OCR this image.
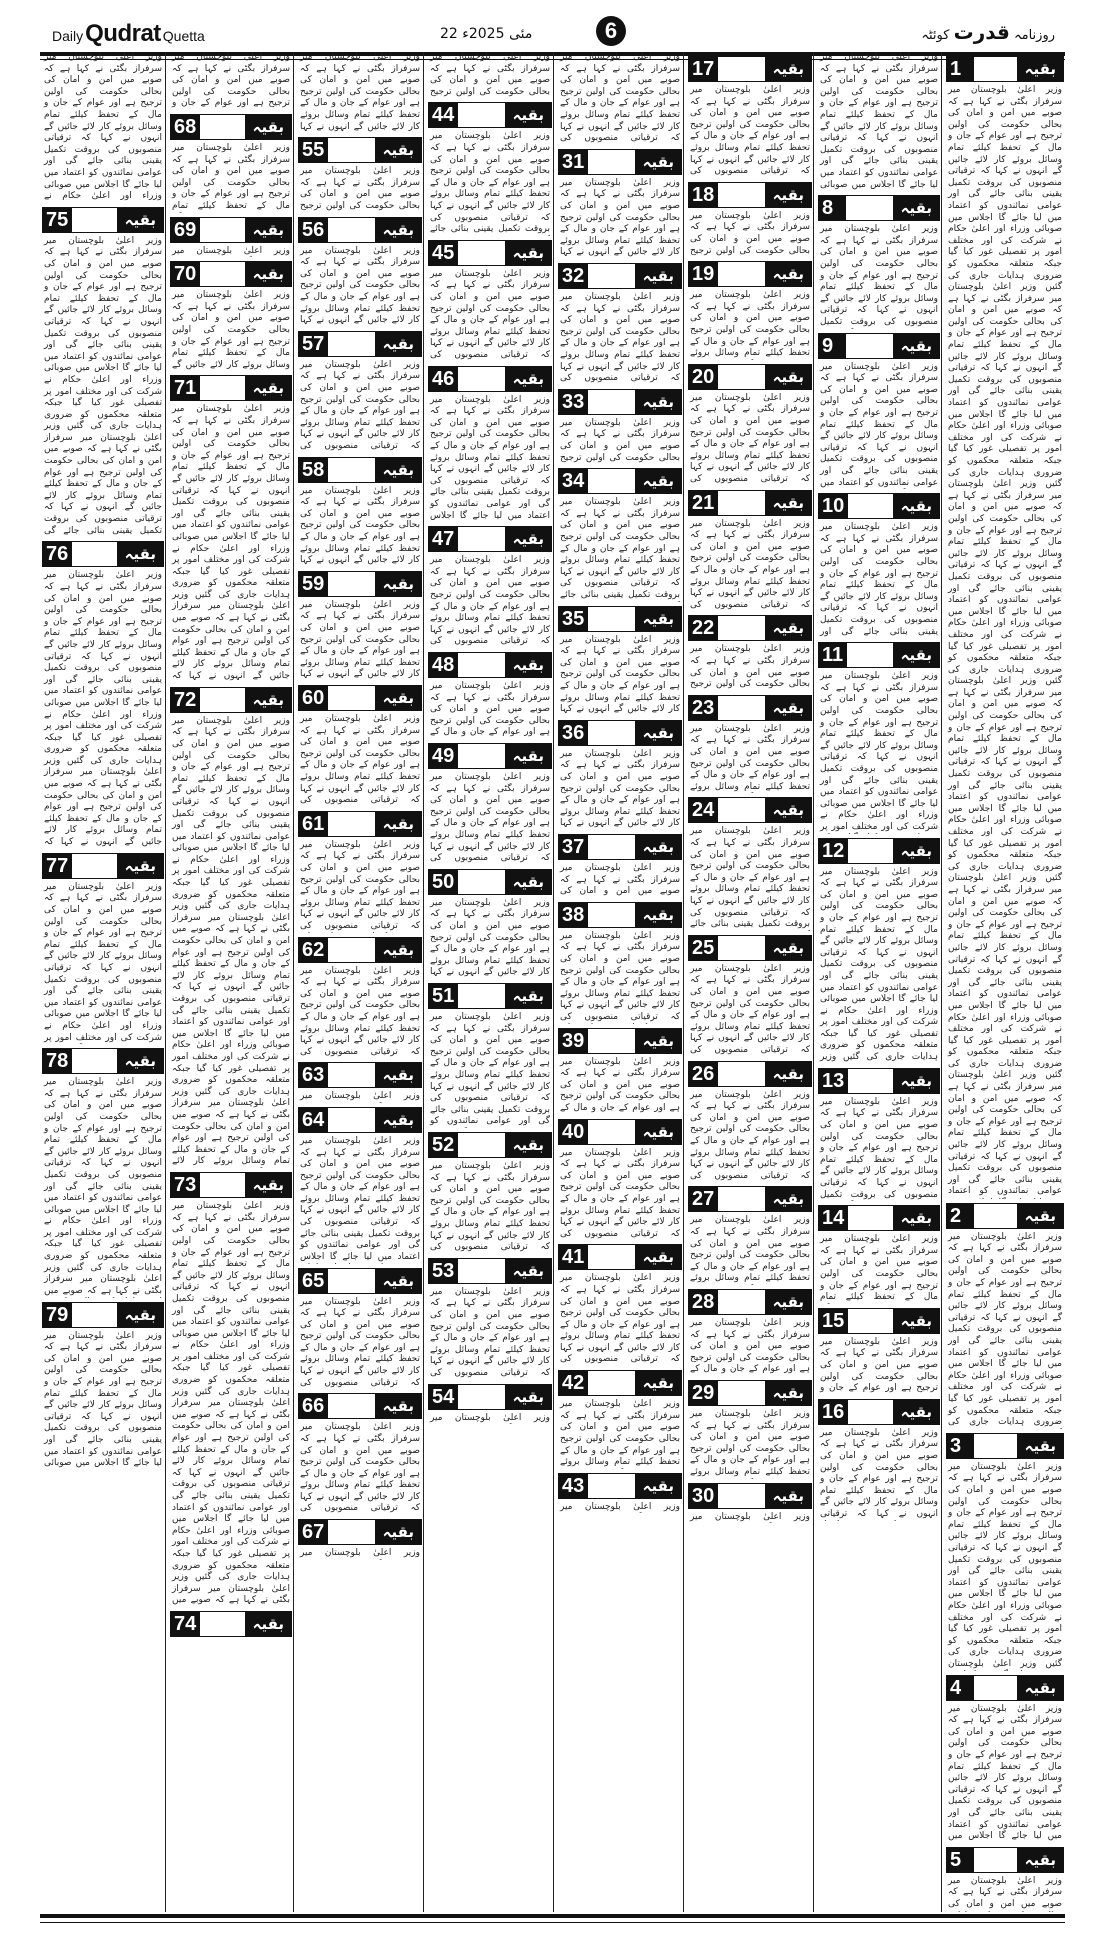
Daily Qudrat Quetta	22 مئی 2025ء	6	روزنامہ قدرت کوئٹہ
1	بقیہ

وزیر اعلیٰ بلوچستان میر سرفراز بگٹی نے کہا ہے کہ صوبے میں امن و امان کی بحالی حکومت کی اولین ترجیح ہے اور عوام کے جان و مال کے تحفظ کیلئے تمام وسائل بروئے کار لائے جائیں گے انہوں نے کہا کہ ترقیاتی منصوبوں کی بروقت تکمیل یقینی بنائی جائے گی اور عوامی نمائندوں کو اعتماد میں لیا جائے گا اجلاس میں صوبائی وزراء اور اعلیٰ حکام نے شرکت کی اور مختلف امور پر تفصیلی غور کیا گیا جبکہ متعلقہ محکموں کو ضروری ہدایات جاری کی گئیں وزیر اعلیٰ بلوچستان میر سرفراز بگٹی نے کہا ہے کہ صوبے میں امن و امان کی بحالی حکومت کی اولین ترجیح ہے اور عوام کے جان و مال کے تحفظ کیلئے تمام وسائل بروئے کار لائے جائیں گے انہوں نے کہا کہ ترقیاتی منصوبوں کی بروقت تکمیل یقینی بنائی جائے گی اور عوامی نمائندوں کو اعتماد میں لیا جائے گا اجلاس میں صوبائی وزراء اور اعلیٰ حکام نے شرکت کی اور مختلف امور پر تفصیلی غور کیا گیا جبکہ متعلقہ محکموں کو ضروری ہدایات جاری کی گئیں وزیر اعلیٰ بلوچستان میر سرفراز بگٹی نے کہا ہے کہ صوبے میں امن و امان کی بحالی حکومت کی اولین ترجیح ہے اور عوام کے جان و مال کے تحفظ کیلئے تمام وسائل بروئے کار لائے جائیں گے انہوں نے کہا کہ ترقیاتی منصوبوں کی بروقت تکمیل یقینی بنائی جائے گی اور عوامی نمائندوں کو اعتماد میں لیا جائے گا اجلاس میں صوبائی وزراء اور اعلیٰ حکام نے شرکت کی اور مختلف امور پر تفصیلی غور کیا گیا جبکہ متعلقہ محکموں کو ضروری ہدایات جاری کی گئیں وزیر اعلیٰ بلوچستان میر سرفراز بگٹی نے کہا ہے کہ صوبے میں امن و امان کی بحالی حکومت کی اولین ترجیح ہے اور عوام کے جان و مال کے تحفظ کیلئے تمام وسائل بروئے کار لائے جائیں گے انہوں نے کہا کہ ترقیاتی منصوبوں کی بروقت تکمیل یقینی بنائی جائے گی اور عوامی نمائندوں کو اعتماد میں لیا جائے گا اجلاس میں صوبائی وزراء اور اعلیٰ حکام نے شرکت کی اور مختلف امور پر تفصیلی غور کیا گیا جبکہ متعلقہ محکموں کو ضروری ہدایات جاری کی گئیں وزیر اعلیٰ بلوچستان میر سرفراز بگٹی نے کہا ہے کہ صوبے میں امن و امان کی بحالی حکومت کی اولین ترجیح ہے اور عوام کے جان و مال کے تحفظ کیلئے تمام وسائل بروئے کار لائے جائیں گے انہوں نے کہا کہ ترقیاتی منصوبوں کی بروقت تکمیل یقینی بنائی جائے گی اور عوامی نمائندوں کو اعتماد میں لیا جائے گا اجلاس میں صوبائی وزراء اور اعلیٰ حکام نے شرکت کی اور مختلف امور پر تفصیلی غور کیا گیا جبکہ متعلقہ محکموں کو ضروری ہدایات جاری کی گئیں وزیر اعلیٰ بلوچستان میر سرفراز بگٹی نے کہا ہے کہ صوبے میں امن و امان کی بحالی حکومت کی اولین ترجیح ہے اور عوام کے جان و مال کے تحفظ کیلئے تمام وسائل بروئے کار لائے جائیں گے انہوں نے کہا کہ ترقیاتی منصوبوں کی بروقت تکمیل یقینی بنائی جائے گی اور عوامی نمائندوں کو اعتماد

2	بقیہ

وزیر اعلیٰ بلوچستان میر سرفراز بگٹی نے کہا ہے کہ صوبے میں امن و امان کی بحالی حکومت کی اولین ترجیح ہے اور عوام کے جان و مال کے تحفظ کیلئے تمام وسائل بروئے کار لائے جائیں گے انہوں نے کہا کہ ترقیاتی منصوبوں کی بروقت تکمیل یقینی بنائی جائے گی اور عوامی نمائندوں کو اعتماد میں لیا جائے گا اجلاس میں صوبائی وزراء اور اعلیٰ حکام نے شرکت کی اور مختلف امور پر تفصیلی غور کیا گیا جبکہ متعلقہ محکموں کو ضروری ہدایات جاری کی

3	بقیہ

وزیر اعلیٰ بلوچستان میر سرفراز بگٹی نے کہا ہے کہ صوبے میں امن و امان کی بحالی حکومت کی اولین ترجیح ہے اور عوام کے جان و مال کے تحفظ کیلئے تمام وسائل بروئے کار لائے جائیں گے انہوں نے کہا کہ ترقیاتی منصوبوں کی بروقت تکمیل یقینی بنائی جائے گی اور عوامی نمائندوں کو اعتماد میں لیا جائے گا اجلاس میں صوبائی وزراء اور اعلیٰ حکام نے شرکت کی اور مختلف امور پر تفصیلی غور کیا گیا جبکہ متعلقہ محکموں کو ضروری ہدایات جاری کی گئیں وزیر اعلیٰ بلوچستان

4	بقیہ

وزیر اعلیٰ بلوچستان میر سرفراز بگٹی نے کہا ہے کہ صوبے میں امن و امان کی بحالی حکومت کی اولین ترجیح ہے اور عوام کے جان و مال کے تحفظ کیلئے تمام وسائل بروئے کار لائے جائیں گے انہوں نے کہا کہ ترقیاتی منصوبوں کی بروقت تکمیل یقینی بنائی جائے گی اور عوامی نمائندوں کو اعتماد میں لیا جائے گا اجلاس میں

5	بقیہ

وزیر اعلیٰ بلوچستان میر سرفراز بگٹی نے کہا ہے کہ صوبے میں امن و امان کی

وزیر اعلیٰ بلوچستان میر سرفراز بگٹی نے کہا ہے کہ صوبے میں امن و امان کی بحالی حکومت کی اولین ترجیح ہے اور عوام کے جان و مال کے تحفظ کیلئے تمام وسائل بروئے کار لائے جائیں گے انہوں نے کہا کہ ترقیاتی منصوبوں کی بروقت تکمیل یقینی بنائی جائے گی اور عوامی نمائندوں کو اعتماد میں لیا جائے گا اجلاس میں صوبائی

8	بقیہ

وزیر اعلیٰ بلوچستان میر سرفراز بگٹی نے کہا ہے کہ صوبے میں امن و امان کی بحالی حکومت کی اولین ترجیح ہے اور عوام کے جان و مال کے تحفظ کیلئے تمام وسائل بروئے کار لائے جائیں گے انہوں نے کہا کہ ترقیاتی منصوبوں کی بروقت تکمیل

9	بقیہ

وزیر اعلیٰ بلوچستان میر سرفراز بگٹی نے کہا ہے کہ صوبے میں امن و امان کی بحالی حکومت کی اولین ترجیح ہے اور عوام کے جان و مال کے تحفظ کیلئے تمام وسائل بروئے کار لائے جائیں گے انہوں نے کہا کہ ترقیاتی منصوبوں کی بروقت تکمیل یقینی بنائی جائے گی اور عوامی نمائندوں کو اعتماد میں

10	بقیہ

وزیر اعلیٰ بلوچستان میر سرفراز بگٹی نے کہا ہے کہ صوبے میں امن و امان کی بحالی حکومت کی اولین ترجیح ہے اور عوام کے جان و مال کے تحفظ کیلئے تمام وسائل بروئے کار لائے جائیں گے انہوں نے کہا کہ ترقیاتی منصوبوں کی بروقت تکمیل یقینی بنائی جائے گی اور

11	بقیہ

وزیر اعلیٰ بلوچستان میر سرفراز بگٹی نے کہا ہے کہ صوبے میں امن و امان کی بحالی حکومت کی اولین ترجیح ہے اور عوام کے جان و مال کے تحفظ کیلئے تمام وسائل بروئے کار لائے جائیں گے انہوں نے کہا کہ ترقیاتی منصوبوں کی بروقت تکمیل یقینی بنائی جائے گی اور عوامی نمائندوں کو اعتماد میں لیا جائے گا اجلاس میں صوبائی وزراء اور اعلیٰ حکام نے شرکت کی اور مختلف امور پر

12	بقیہ

وزیر اعلیٰ بلوچستان میر سرفراز بگٹی نے کہا ہے کہ صوبے میں امن و امان کی بحالی حکومت کی اولین ترجیح ہے اور عوام کے جان و مال کے تحفظ کیلئے تمام وسائل بروئے کار لائے جائیں گے انہوں نے کہا کہ ترقیاتی منصوبوں کی بروقت تکمیل یقینی بنائی جائے گی اور عوامی نمائندوں کو اعتماد میں لیا جائے گا اجلاس میں صوبائی وزراء اور اعلیٰ حکام نے شرکت کی اور مختلف امور پر تفصیلی غور کیا گیا جبکہ متعلقہ محکموں کو ضروری ہدایات جاری کی گئیں وزیر

13	بقیہ

وزیر اعلیٰ بلوچستان میر سرفراز بگٹی نے کہا ہے کہ صوبے میں امن و امان کی بحالی حکومت کی اولین ترجیح ہے اور عوام کے جان و مال کے تحفظ کیلئے تمام وسائل بروئے کار لائے جائیں گے انہوں نے کہا کہ ترقیاتی منصوبوں کی بروقت تکمیل

14	بقیہ

وزیر اعلیٰ بلوچستان میر سرفراز بگٹی نے کہا ہے کہ صوبے میں امن و امان کی بحالی حکومت کی اولین ترجیح ہے اور عوام کے جان و مال کے تحفظ کیلئے تمام

15	بقیہ

وزیر اعلیٰ بلوچستان میر سرفراز بگٹی نے کہا ہے کہ صوبے میں امن و امان کی بحالی حکومت کی اولین ترجیح ہے اور عوام کے جان و

16	بقیہ

وزیر اعلیٰ بلوچستان میر سرفراز بگٹی نے کہا ہے کہ صوبے میں امن و امان کی بحالی حکومت کی اولین ترجیح ہے اور عوام کے جان و مال کے تحفظ کیلئے تمام وسائل بروئے کار لائے جائیں گے انہوں نے کہا کہ ترقیاتی

17	بقیہ

وزیر اعلیٰ بلوچستان میر سرفراز بگٹی نے کہا ہے کہ صوبے میں امن و امان کی بحالی حکومت کی اولین ترجیح ہے اور عوام کے جان و مال کے تحفظ کیلئے تمام وسائل بروئے کار لائے جائیں گے انہوں نے کہا کہ ترقیاتی منصوبوں کی

18	بقیہ

وزیر اعلیٰ بلوچستان میر سرفراز بگٹی نے کہا ہے کہ صوبے میں امن و امان کی بحالی حکومت کی اولین ترجیح

19	بقیہ

وزیر اعلیٰ بلوچستان میر سرفراز بگٹی نے کہا ہے کہ صوبے میں امن و امان کی بحالی حکومت کی اولین ترجیح ہے اور عوام کے جان و مال کے تحفظ کیلئے تمام وسائل بروئے

20	بقیہ

وزیر اعلیٰ بلوچستان میر سرفراز بگٹی نے کہا ہے کہ صوبے میں امن و امان کی بحالی حکومت کی اولین ترجیح ہے اور عوام کے جان و مال کے تحفظ کیلئے تمام وسائل بروئے کار لائے جائیں گے انہوں نے کہا کہ ترقیاتی منصوبوں کی

21	بقیہ

وزیر اعلیٰ بلوچستان میر سرفراز بگٹی نے کہا ہے کہ صوبے میں امن و امان کی بحالی حکومت کی اولین ترجیح ہے اور عوام کے جان و مال کے تحفظ کیلئے تمام وسائل بروئے کار لائے جائیں گے انہوں نے کہا کہ ترقیاتی منصوبوں کی

22	بقیہ

وزیر اعلیٰ بلوچستان میر سرفراز بگٹی نے کہا ہے کہ صوبے میں امن و امان کی بحالی حکومت کی اولین ترجیح

23	بقیہ

وزیر اعلیٰ بلوچستان میر سرفراز بگٹی نے کہا ہے کہ صوبے میں امن و امان کی بحالی حکومت کی اولین ترجیح ہے اور عوام کے جان و مال کے تحفظ کیلئے تمام وسائل بروئے

24	بقیہ

وزیر اعلیٰ بلوچستان میر سرفراز بگٹی نے کہا ہے کہ صوبے میں امن و امان کی بحالی حکومت کی اولین ترجیح ہے اور عوام کے جان و مال کے تحفظ کیلئے تمام وسائل بروئے کار لائے جائیں گے انہوں نے کہا کہ ترقیاتی منصوبوں کی بروقت تکمیل یقینی بنائی جائے

25	بقیہ

وزیر اعلیٰ بلوچستان میر سرفراز بگٹی نے کہا ہے کہ صوبے میں امن و امان کی بحالی حکومت کی اولین ترجیح ہے اور عوام کے جان و مال کے تحفظ کیلئے تمام وسائل بروئے کار لائے جائیں گے انہوں نے کہا کہ ترقیاتی منصوبوں کی

26	بقیہ

وزیر اعلیٰ بلوچستان میر سرفراز بگٹی نے کہا ہے کہ صوبے میں امن و امان کی بحالی حکومت کی اولین ترجیح ہے اور عوام کے جان و مال کے تحفظ کیلئے تمام وسائل بروئے کار لائے جائیں گے انہوں نے کہا کہ ترقیاتی منصوبوں کی

27	بقیہ

وزیر اعلیٰ بلوچستان میر سرفراز بگٹی نے کہا ہے کہ صوبے میں امن و امان کی بحالی حکومت کی اولین ترجیح ہے اور عوام کے جان و مال کے تحفظ کیلئے تمام وسائل بروئے

28	بقیہ

وزیر اعلیٰ بلوچستان میر سرفراز بگٹی نے کہا ہے کہ صوبے میں امن و امان کی بحالی حکومت کی اولین ترجیح ہے اور عوام کے جان و مال کے

29	بقیہ

وزیر اعلیٰ بلوچستان میر سرفراز بگٹی نے کہا ہے کہ صوبے میں امن و امان کی بحالی حکومت کی اولین ترجیح ہے اور عوام کے جان و مال کے تحفظ کیلئے تمام وسائل بروئے

30	بقیہ

وزیر اعلیٰ بلوچستان میر

وزیر اعلیٰ بلوچستان میر سرفراز بگٹی نے کہا ہے کہ صوبے میں امن و امان کی بحالی حکومت کی اولین ترجیح ہے اور عوام کے جان و مال کے تحفظ کیلئے تمام وسائل بروئے کار لائے جائیں گے انہوں نے کہا کہ ترقیاتی منصوبوں کی

31	بقیہ

وزیر اعلیٰ بلوچستان میر سرفراز بگٹی نے کہا ہے کہ صوبے میں امن و امان کی بحالی حکومت کی اولین ترجیح ہے اور عوام کے جان و مال کے تحفظ کیلئے تمام وسائل بروئے کار لائے جائیں گے انہوں نے کہا

32	بقیہ

وزیر اعلیٰ بلوچستان میر سرفراز بگٹی نے کہا ہے کہ صوبے میں امن و امان کی بحالی حکومت کی اولین ترجیح ہے اور عوام کے جان و مال کے تحفظ کیلئے تمام وسائل بروئے کار لائے جائیں گے انہوں نے کہا کہ ترقیاتی منصوبوں کی

33	بقیہ

وزیر اعلیٰ بلوچستان میر سرفراز بگٹی نے کہا ہے کہ صوبے میں امن و امان کی بحالی حکومت کی اولین ترجیح

34	بقیہ

وزیر اعلیٰ بلوچستان میر سرفراز بگٹی نے کہا ہے کہ صوبے میں امن و امان کی بحالی حکومت کی اولین ترجیح ہے اور عوام کے جان و مال کے تحفظ کیلئے تمام وسائل بروئے کار لائے جائیں گے انہوں نے کہا کہ ترقیاتی منصوبوں کی بروقت تکمیل یقینی بنائی جائے

35	بقیہ

وزیر اعلیٰ بلوچستان میر سرفراز بگٹی نے کہا ہے کہ صوبے میں امن و امان کی بحالی حکومت کی اولین ترجیح ہے اور عوام کے جان و مال کے تحفظ کیلئے تمام وسائل بروئے کار لائے جائیں گے انہوں نے کہا

36	بقیہ

وزیر اعلیٰ بلوچستان میر سرفراز بگٹی نے کہا ہے کہ صوبے میں امن و امان کی بحالی حکومت کی اولین ترجیح ہے اور عوام کے جان و مال کے تحفظ کیلئے تمام وسائل بروئے کار لائے جائیں گے انہوں نے کہا

37	بقیہ

وزیر اعلیٰ بلوچستان میر سرفراز بگٹی نے کہا ہے کہ صوبے میں امن و امان کی

38	بقیہ

وزیر اعلیٰ بلوچستان میر سرفراز بگٹی نے کہا ہے کہ صوبے میں امن و امان کی بحالی حکومت کی اولین ترجیح ہے اور عوام کے جان و مال کے تحفظ کیلئے تمام وسائل بروئے کار لائے جائیں گے انہوں نے کہا کہ ترقیاتی منصوبوں کی

39	بقیہ

وزیر اعلیٰ بلوچستان میر سرفراز بگٹی نے کہا ہے کہ صوبے میں امن و امان کی بحالی حکومت کی اولین ترجیح ہے اور عوام کے جان و مال کے

40	بقیہ

وزیر اعلیٰ بلوچستان میر سرفراز بگٹی نے کہا ہے کہ صوبے میں امن و امان کی بحالی حکومت کی اولین ترجیح ہے اور عوام کے جان و مال کے تحفظ کیلئے تمام وسائل بروئے کار لائے جائیں گے انہوں نے کہا کہ ترقیاتی منصوبوں کی

41	بقیہ

وزیر اعلیٰ بلوچستان میر سرفراز بگٹی نے کہا ہے کہ صوبے میں امن و امان کی بحالی حکومت کی اولین ترجیح ہے اور عوام کے جان و مال کے تحفظ کیلئے تمام وسائل بروئے کار لائے جائیں گے انہوں نے کہا کہ ترقیاتی منصوبوں کی

42	بقیہ

وزیر اعلیٰ بلوچستان میر سرفراز بگٹی نے کہا ہے کہ صوبے میں امن و امان کی بحالی حکومت کی اولین ترجیح ہے اور عوام کے جان و مال کے تحفظ کیلئے تمام وسائل بروئے

43	بقیہ

وزیر اعلیٰ بلوچستان میر

وزیر اعلیٰ بلوچستان میر سرفراز بگٹی نے کہا ہے کہ صوبے میں امن و امان کی بحالی حکومت کی اولین ترجیح

44	بقیہ

وزیر اعلیٰ بلوچستان میر سرفراز بگٹی نے کہا ہے کہ صوبے میں امن و امان کی بحالی حکومت کی اولین ترجیح ہے اور عوام کے جان و مال کے تحفظ کیلئے تمام وسائل بروئے کار لائے جائیں گے انہوں نے کہا کہ ترقیاتی منصوبوں کی بروقت تکمیل یقینی بنائی جائے

45	بقیہ

وزیر اعلیٰ بلوچستان میر سرفراز بگٹی نے کہا ہے کہ صوبے میں امن و امان کی بحالی حکومت کی اولین ترجیح ہے اور عوام کے جان و مال کے تحفظ کیلئے تمام وسائل بروئے کار لائے جائیں گے انہوں نے کہا کہ ترقیاتی منصوبوں کی

46	بقیہ

وزیر اعلیٰ بلوچستان میر سرفراز بگٹی نے کہا ہے کہ صوبے میں امن و امان کی بحالی حکومت کی اولین ترجیح ہے اور عوام کے جان و مال کے تحفظ کیلئے تمام وسائل بروئے کار لائے جائیں گے انہوں نے کہا کہ ترقیاتی منصوبوں کی بروقت تکمیل یقینی بنائی جائے گی اور عوامی نمائندوں کو اعتماد میں لیا جائے گا اجلاس

47	بقیہ

وزیر اعلیٰ بلوچستان میر سرفراز بگٹی نے کہا ہے کہ صوبے میں امن و امان کی بحالی حکومت کی اولین ترجیح ہے اور عوام کے جان و مال کے تحفظ کیلئے تمام وسائل بروئے کار لائے جائیں گے انہوں نے کہا کہ ترقیاتی منصوبوں کی

48	بقیہ

وزیر اعلیٰ بلوچستان میر سرفراز بگٹی نے کہا ہے کہ صوبے میں امن و امان کی بحالی حکومت کی اولین ترجیح ہے اور عوام کے جان و مال کے

49	بقیہ

وزیر اعلیٰ بلوچستان میر سرفراز بگٹی نے کہا ہے کہ صوبے میں امن و امان کی بحالی حکومت کی اولین ترجیح ہے اور عوام کے جان و مال کے تحفظ کیلئے تمام وسائل بروئے کار لائے جائیں گے انہوں نے کہا کہ ترقیاتی منصوبوں کی

50	بقیہ

وزیر اعلیٰ بلوچستان میر سرفراز بگٹی نے کہا ہے کہ صوبے میں امن و امان کی بحالی حکومت کی اولین ترجیح ہے اور عوام کے جان و مال کے تحفظ کیلئے تمام وسائل بروئے کار لائے جائیں گے انہوں نے کہا

51	بقیہ

وزیر اعلیٰ بلوچستان میر سرفراز بگٹی نے کہا ہے کہ صوبے میں امن و امان کی بحالی حکومت کی اولین ترجیح ہے اور عوام کے جان و مال کے تحفظ کیلئے تمام وسائل بروئے کار لائے جائیں گے انہوں نے کہا کہ ترقیاتی منصوبوں کی بروقت تکمیل یقینی بنائی جائے گی اور عوامی نمائندوں کو

52	بقیہ

وزیر اعلیٰ بلوچستان میر سرفراز بگٹی نے کہا ہے کہ صوبے میں امن و امان کی بحالی حکومت کی اولین ترجیح ہے اور عوام کے جان و مال کے تحفظ کیلئے تمام وسائل بروئے کار لائے جائیں گے انہوں نے کہا کہ ترقیاتی منصوبوں کی

53	بقیہ

وزیر اعلیٰ بلوچستان میر سرفراز بگٹی نے کہا ہے کہ صوبے میں امن و امان کی بحالی حکومت کی اولین ترجیح ہے اور عوام کے جان و مال کے تحفظ کیلئے تمام وسائل بروئے کار لائے جائیں گے انہوں نے کہا کہ ترقیاتی منصوبوں کی

54	بقیہ

وزیر اعلیٰ بلوچستان میر

وزیر اعلیٰ بلوچستان میر سرفراز بگٹی نے کہا ہے کہ صوبے میں امن و امان کی بحالی حکومت کی اولین ترجیح ہے اور عوام کے جان و مال کے تحفظ کیلئے تمام وسائل بروئے کار لائے جائیں گے انہوں نے کہا

55	بقیہ

وزیر اعلیٰ بلوچستان میر سرفراز بگٹی نے کہا ہے کہ صوبے میں امن و امان کی بحالی حکومت کی اولین ترجیح

56	بقیہ

وزیر اعلیٰ بلوچستان میر سرفراز بگٹی نے کہا ہے کہ صوبے میں امن و امان کی بحالی حکومت کی اولین ترجیح ہے اور عوام کے جان و مال کے تحفظ کیلئے تمام وسائل بروئے کار لائے جائیں گے انہوں نے کہا

57	بقیہ

وزیر اعلیٰ بلوچستان میر سرفراز بگٹی نے کہا ہے کہ صوبے میں امن و امان کی بحالی حکومت کی اولین ترجیح ہے اور عوام کے جان و مال کے تحفظ کیلئے تمام وسائل بروئے کار لائے جائیں گے انہوں نے کہا کہ ترقیاتی منصوبوں کی

58	بقیہ

وزیر اعلیٰ بلوچستان میر سرفراز بگٹی نے کہا ہے کہ صوبے میں امن و امان کی بحالی حکومت کی اولین ترجیح ہے اور عوام کے جان و مال کے تحفظ کیلئے تمام وسائل بروئے کار لائے جائیں گے انہوں نے کہا

59	بقیہ

وزیر اعلیٰ بلوچستان میر سرفراز بگٹی نے کہا ہے کہ صوبے میں امن و امان کی بحالی حکومت کی اولین ترجیح ہے اور عوام کے جان و مال کے تحفظ کیلئے تمام وسائل بروئے کار لائے جائیں گے انہوں نے کہا

60	بقیہ

وزیر اعلیٰ بلوچستان میر سرفراز بگٹی نے کہا ہے کہ صوبے میں امن و امان کی بحالی حکومت کی اولین ترجیح ہے اور عوام کے جان و مال کے تحفظ کیلئے تمام وسائل بروئے کار لائے جائیں گے انہوں نے کہا کہ ترقیاتی منصوبوں کی

61	بقیہ

وزیر اعلیٰ بلوچستان میر سرفراز بگٹی نے کہا ہے کہ صوبے میں امن و امان کی بحالی حکومت کی اولین ترجیح ہے اور عوام کے جان و مال کے تحفظ کیلئے تمام وسائل بروئے کار لائے جائیں گے انہوں نے کہا کہ ترقیاتی منصوبوں کی

62	بقیہ

وزیر اعلیٰ بلوچستان میر سرفراز بگٹی نے کہا ہے کہ صوبے میں امن و امان کی بحالی حکومت کی اولین ترجیح ہے اور عوام کے جان و مال کے تحفظ کیلئے تمام وسائل بروئے کار لائے جائیں گے انہوں نے کہا کہ ترقیاتی منصوبوں کی

63	بقیہ

وزیر اعلیٰ بلوچستان میر

64	بقیہ

وزیر اعلیٰ بلوچستان میر سرفراز بگٹی نے کہا ہے کہ صوبے میں امن و امان کی بحالی حکومت کی اولین ترجیح ہے اور عوام کے جان و مال کے تحفظ کیلئے تمام وسائل بروئے کار لائے جائیں گے انہوں نے کہا کہ ترقیاتی منصوبوں کی بروقت تکمیل یقینی بنائی جائے گی اور عوامی نمائندوں کو اعتماد میں لیا جائے گا اجلاس

65	بقیہ

وزیر اعلیٰ بلوچستان میر سرفراز بگٹی نے کہا ہے کہ صوبے میں امن و امان کی بحالی حکومت کی اولین ترجیح ہے اور عوام کے جان و مال کے تحفظ کیلئے تمام وسائل بروئے کار لائے جائیں گے انہوں نے کہا کہ ترقیاتی منصوبوں کی

66	بقیہ

وزیر اعلیٰ بلوچستان میر سرفراز بگٹی نے کہا ہے کہ صوبے میں امن و امان کی بحالی حکومت کی اولین ترجیح ہے اور عوام کے جان و مال کے تحفظ کیلئے تمام وسائل بروئے کار لائے جائیں گے انہوں نے کہا کہ ترقیاتی منصوبوں کی

67	بقیہ

وزیر اعلیٰ بلوچستان میر

وزیر اعلیٰ بلوچستان میر سرفراز بگٹی نے کہا ہے کہ صوبے میں امن و امان کی بحالی حکومت کی اولین ترجیح ہے اور عوام کے جان و

68	بقیہ

وزیر اعلیٰ بلوچستان میر سرفراز بگٹی نے کہا ہے کہ صوبے میں امن و امان کی بحالی حکومت کی اولین ترجیح ہے اور عوام کے جان و مال کے تحفظ کیلئے تمام

69	بقیہ

وزیر اعلیٰ بلوچستان میر

70	بقیہ

وزیر اعلیٰ بلوچستان میر سرفراز بگٹی نے کہا ہے کہ صوبے میں امن و امان کی بحالی حکومت کی اولین ترجیح ہے اور عوام کے جان و مال کے تحفظ کیلئے تمام وسائل بروئے کار لائے جائیں گے

71	بقیہ

وزیر اعلیٰ بلوچستان میر سرفراز بگٹی نے کہا ہے کہ صوبے میں امن و امان کی بحالی حکومت کی اولین ترجیح ہے اور عوام کے جان و مال کے تحفظ کیلئے تمام وسائل بروئے کار لائے جائیں گے انہوں نے کہا کہ ترقیاتی منصوبوں کی بروقت تکمیل یقینی بنائی جائے گی اور عوامی نمائندوں کو اعتماد میں لیا جائے گا اجلاس میں صوبائی وزراء اور اعلیٰ حکام نے شرکت کی اور مختلف امور پر تفصیلی غور کیا گیا جبکہ متعلقہ محکموں کو ضروری ہدایات جاری کی گئیں وزیر اعلیٰ بلوچستان میر سرفراز بگٹی نے کہا ہے کہ صوبے میں امن و امان کی بحالی حکومت کی اولین ترجیح ہے اور عوام کے جان و مال کے تحفظ کیلئے تمام وسائل بروئے کار لائے جائیں گے انہوں نے کہا کہ

72	بقیہ

وزیر اعلیٰ بلوچستان میر سرفراز بگٹی نے کہا ہے کہ صوبے میں امن و امان کی بحالی حکومت کی اولین ترجیح ہے اور عوام کے جان و مال کے تحفظ کیلئے تمام وسائل بروئے کار لائے جائیں گے انہوں نے کہا کہ ترقیاتی منصوبوں کی بروقت تکمیل یقینی بنائی جائے گی اور عوامی نمائندوں کو اعتماد میں لیا جائے گا اجلاس میں صوبائی وزراء اور اعلیٰ حکام نے شرکت کی اور مختلف امور پر تفصیلی غور کیا گیا جبکہ متعلقہ محکموں کو ضروری ہدایات جاری کی گئیں وزیر اعلیٰ بلوچستان میر سرفراز بگٹی نے کہا ہے کہ صوبے میں امن و امان کی بحالی حکومت کی اولین ترجیح ہے اور عوام کے جان و مال کے تحفظ کیلئے تمام وسائل بروئے کار لائے جائیں گے انہوں نے کہا کہ ترقیاتی منصوبوں کی بروقت تکمیل یقینی بنائی جائے گی اور عوامی نمائندوں کو اعتماد میں لیا جائے گا اجلاس میں صوبائی وزراء اور اعلیٰ حکام نے شرکت کی اور مختلف امور پر تفصیلی غور کیا گیا جبکہ متعلقہ محکموں کو ضروری ہدایات جاری کی گئیں وزیر اعلیٰ بلوچستان میر سرفراز بگٹی نے کہا ہے کہ صوبے میں امن و امان کی بحالی حکومت کی اولین ترجیح ہے اور عوام کے جان و مال کے تحفظ کیلئے تمام وسائل بروئے کار لائے

73	بقیہ

وزیر اعلیٰ بلوچستان میر سرفراز بگٹی نے کہا ہے کہ صوبے میں امن و امان کی بحالی حکومت کی اولین ترجیح ہے اور عوام کے جان و مال کے تحفظ کیلئے تمام وسائل بروئے کار لائے جائیں گے انہوں نے کہا کہ ترقیاتی منصوبوں کی بروقت تکمیل یقینی بنائی جائے گی اور عوامی نمائندوں کو اعتماد میں لیا جائے گا اجلاس میں صوبائی وزراء اور اعلیٰ حکام نے شرکت کی اور مختلف امور پر تفصیلی غور کیا گیا جبکہ متعلقہ محکموں کو ضروری ہدایات جاری کی گئیں وزیر اعلیٰ بلوچستان میر سرفراز بگٹی نے کہا ہے کہ صوبے میں امن و امان کی بحالی حکومت کی اولین ترجیح ہے اور عوام کے جان و مال کے تحفظ کیلئے تمام وسائل بروئے کار لائے جائیں گے انہوں نے کہا کہ ترقیاتی منصوبوں کی بروقت تکمیل یقینی بنائی جائے گی اور عوامی نمائندوں کو اعتماد میں لیا جائے گا اجلاس میں صوبائی وزراء اور اعلیٰ حکام نے شرکت کی اور مختلف امور پر تفصیلی غور کیا گیا جبکہ متعلقہ محکموں کو ضروری ہدایات جاری کی گئیں وزیر اعلیٰ بلوچستان میر سرفراز بگٹی نے کہا ہے کہ صوبے میں

74	بقیہ

وزیر اعلیٰ بلوچستان میر سرفراز بگٹی نے کہا ہے کہ صوبے میں امن و امان کی بحالی حکومت کی اولین ترجیح ہے اور عوام کے جان و مال کے تحفظ کیلئے تمام وسائل بروئے کار لائے جائیں گے انہوں نے کہا کہ ترقیاتی منصوبوں کی بروقت تکمیل یقینی بنائی جائے گی اور عوامی نمائندوں کو اعتماد میں لیا جائے گا اجلاس میں صوبائی وزراء اور اعلیٰ حکام نے

75	بقیہ

وزیر اعلیٰ بلوچستان میر سرفراز بگٹی نے کہا ہے کہ صوبے میں امن و امان کی بحالی حکومت کی اولین ترجیح ہے اور عوام کے جان و مال کے تحفظ کیلئے تمام وسائل بروئے کار لائے جائیں گے انہوں نے کہا کہ ترقیاتی منصوبوں کی بروقت تکمیل یقینی بنائی جائے گی اور عوامی نمائندوں کو اعتماد میں لیا جائے گا اجلاس میں صوبائی وزراء اور اعلیٰ حکام نے شرکت کی اور مختلف امور پر تفصیلی غور کیا گیا جبکہ متعلقہ محکموں کو ضروری ہدایات جاری کی گئیں وزیر اعلیٰ بلوچستان میر سرفراز بگٹی نے کہا ہے کہ صوبے میں امن و امان کی بحالی حکومت کی اولین ترجیح ہے اور عوام کے جان و مال کے تحفظ کیلئے تمام وسائل بروئے کار لائے جائیں گے انہوں نے کہا کہ ترقیاتی منصوبوں کی بروقت تکمیل یقینی بنائی جائے گی

76	بقیہ

وزیر اعلیٰ بلوچستان میر سرفراز بگٹی نے کہا ہے کہ صوبے میں امن و امان کی بحالی حکومت کی اولین ترجیح ہے اور عوام کے جان و مال کے تحفظ کیلئے تمام وسائل بروئے کار لائے جائیں گے انہوں نے کہا کہ ترقیاتی منصوبوں کی بروقت تکمیل یقینی بنائی جائے گی اور عوامی نمائندوں کو اعتماد میں لیا جائے گا اجلاس میں صوبائی وزراء اور اعلیٰ حکام نے شرکت کی اور مختلف امور پر تفصیلی غور کیا گیا جبکہ متعلقہ محکموں کو ضروری ہدایات جاری کی گئیں وزیر اعلیٰ بلوچستان میر سرفراز بگٹی نے کہا ہے کہ صوبے میں امن و امان کی بحالی حکومت کی اولین ترجیح ہے اور عوام کے جان و مال کے تحفظ کیلئے تمام وسائل بروئے کار لائے جائیں گے انہوں نے کہا کہ

77	بقیہ

وزیر اعلیٰ بلوچستان میر سرفراز بگٹی نے کہا ہے کہ صوبے میں امن و امان کی بحالی حکومت کی اولین ترجیح ہے اور عوام کے جان و مال کے تحفظ کیلئے تمام وسائل بروئے کار لائے جائیں گے انہوں نے کہا کہ ترقیاتی منصوبوں کی بروقت تکمیل یقینی بنائی جائے گی اور عوامی نمائندوں کو اعتماد میں لیا جائے گا اجلاس میں صوبائی وزراء اور اعلیٰ حکام نے شرکت کی اور مختلف امور پر

78	بقیہ

وزیر اعلیٰ بلوچستان میر سرفراز بگٹی نے کہا ہے کہ صوبے میں امن و امان کی بحالی حکومت کی اولین ترجیح ہے اور عوام کے جان و مال کے تحفظ کیلئے تمام وسائل بروئے کار لائے جائیں گے انہوں نے کہا کہ ترقیاتی منصوبوں کی بروقت تکمیل یقینی بنائی جائے گی اور عوامی نمائندوں کو اعتماد میں لیا جائے گا اجلاس میں صوبائی وزراء اور اعلیٰ حکام نے شرکت کی اور مختلف امور پر تفصیلی غور کیا گیا جبکہ متعلقہ محکموں کو ضروری ہدایات جاری کی گئیں وزیر اعلیٰ بلوچستان میر سرفراز بگٹی نے کہا ہے کہ صوبے میں

79	بقیہ

وزیر اعلیٰ بلوچستان میر سرفراز بگٹی نے کہا ہے کہ صوبے میں امن و امان کی بحالی حکومت کی اولین ترجیح ہے اور عوام کے جان و مال کے تحفظ کیلئے تمام وسائل بروئے کار لائے جائیں گے انہوں نے کہا کہ ترقیاتی منصوبوں کی بروقت تکمیل یقینی بنائی جائے گی اور عوامی نمائندوں کو اعتماد میں لیا جائے گا اجلاس میں صوبائی
